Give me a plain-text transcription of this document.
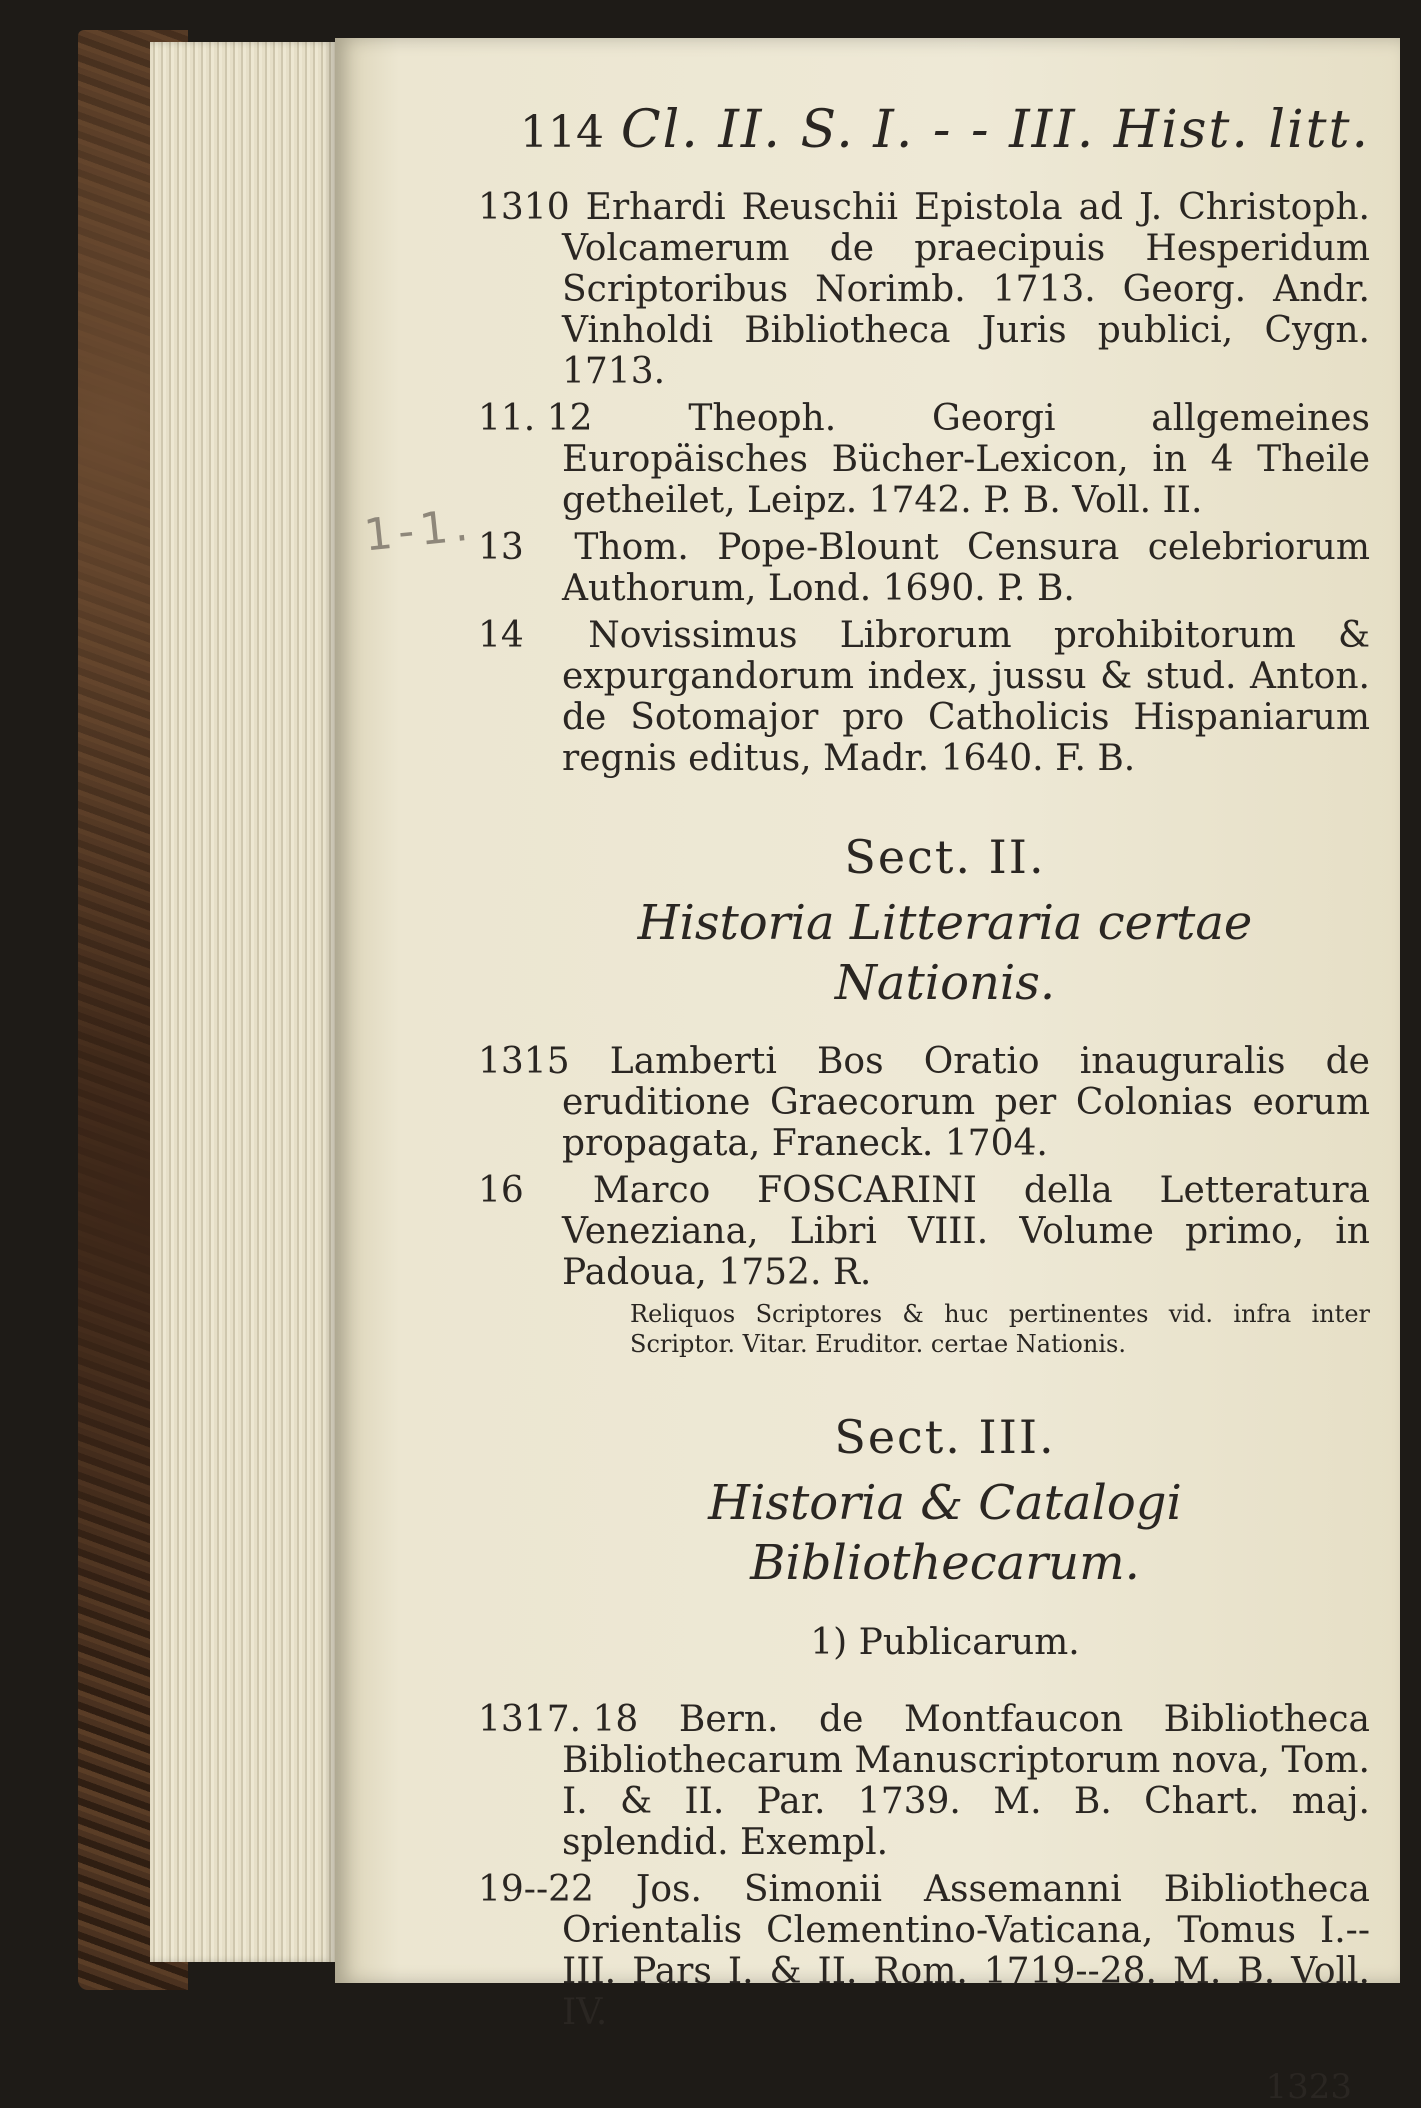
1-1.
114 Cl. II. S. I. - - III. Hist. litt.
1310 Erhardi Reuschii Epistola ad J. Christoph. Volcamerum de praecipuis Hesperidum Scriptoribus Norimb. 1713. Georg. Andr. Vinholdi Bibliotheca Juris publici, Cygn. 1713.
11. 12	Theoph. Georgi allgemeines Europäisches Bücher-Lexicon, in 4 Theile getheilet, Leipz. 1742. P. B. Voll. II.
13 Thom. Pope-Blount Censura celebriorum Authorum, Lond. 1690. P. B.
14 Novissimus Librorum prohibitorum & expurgandorum index, jussu & stud. Anton. de Sotomajor pro Catholicis Hispaniarum regnis editus, Madr. 1640. F. B.
Sect. II.
Historia Litteraria certae Nationis.
1315 Lamberti Bos Oratio inauguralis de eruditione Graecorum per Colonias eorum propagata, Franeck. 1704.
16 Marco FOSCARINI della Letteratura Veneziana, Libri VIII. Volume primo, in Padoua, 1752. R.
Reliquos Scriptores & huc pertinentes vid. infra inter Scriptor. Vitar. Eruditor. certae Nationis.
Sect. III.
Historia & Catalogi Bibliothecarum.
1) Publicarum.
1317. 18 Bern. de Montfaucon Bibliotheca Bibliothecarum Manuscriptorum nova, Tom. I. & II. Par. 1739. M. B. Chart. maj. splendid. Exempl.
19--22 Jos. Simonii Assemanni Bibliotheca Orientalis Clementino-Vaticana, Tomus I.--III. Pars I. & II. Rom. 1719--28. M. B. Voll. IV.
1323
